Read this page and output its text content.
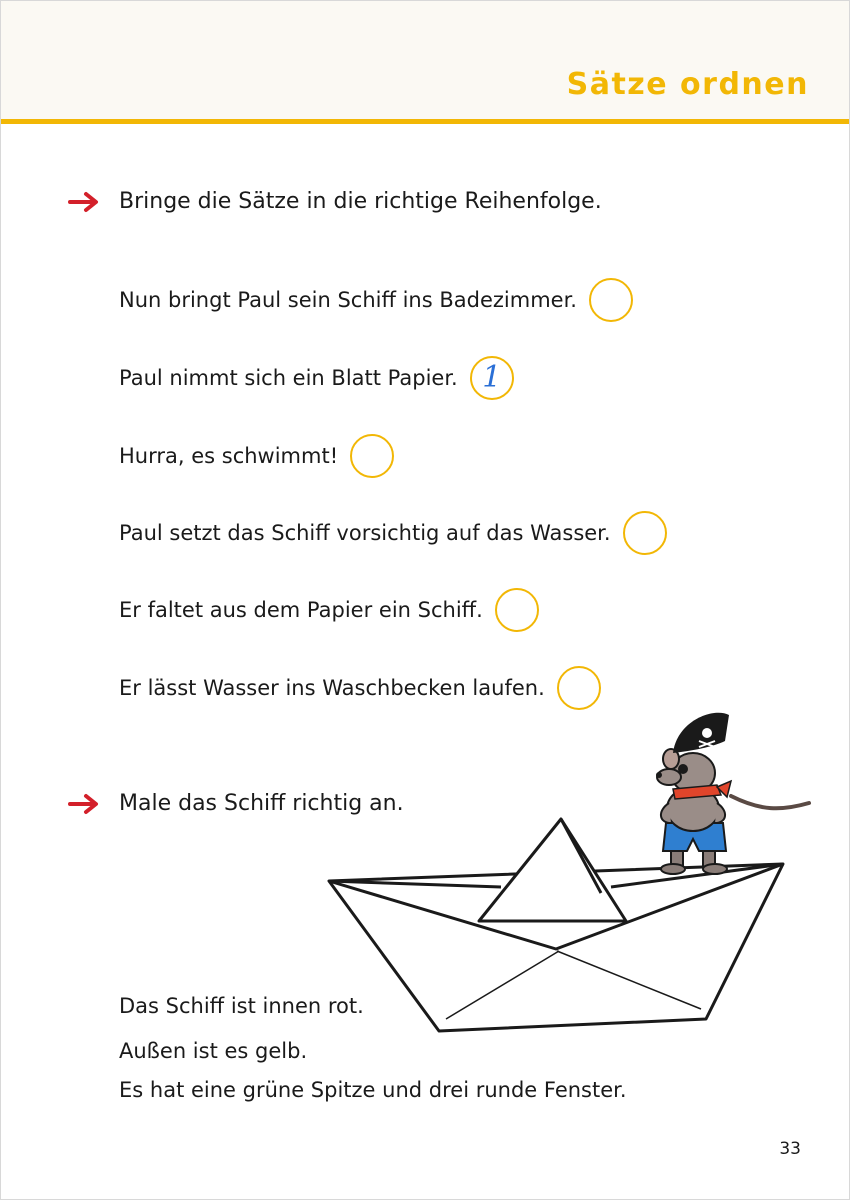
Sätze ordnen
Bringe die Sätze in die richtige Reihenfolge.
Nun bringt Paul sein Schiff ins Badezimmer.
Paul nimmt sich ein Blatt Papier. 1
Hurra, es schwimmt!
Paul setzt das Schiff vorsichtig auf das Wasser.
Er faltet aus dem Papier ein Schiff.
Er lässt Wasser ins Waschbecken laufen.
Male das Schiff richtig an.
Das Schiff ist innen rot.
Außen ist es gelb.
Es hat eine grüne Spitze und drei runde Fenster.
33
